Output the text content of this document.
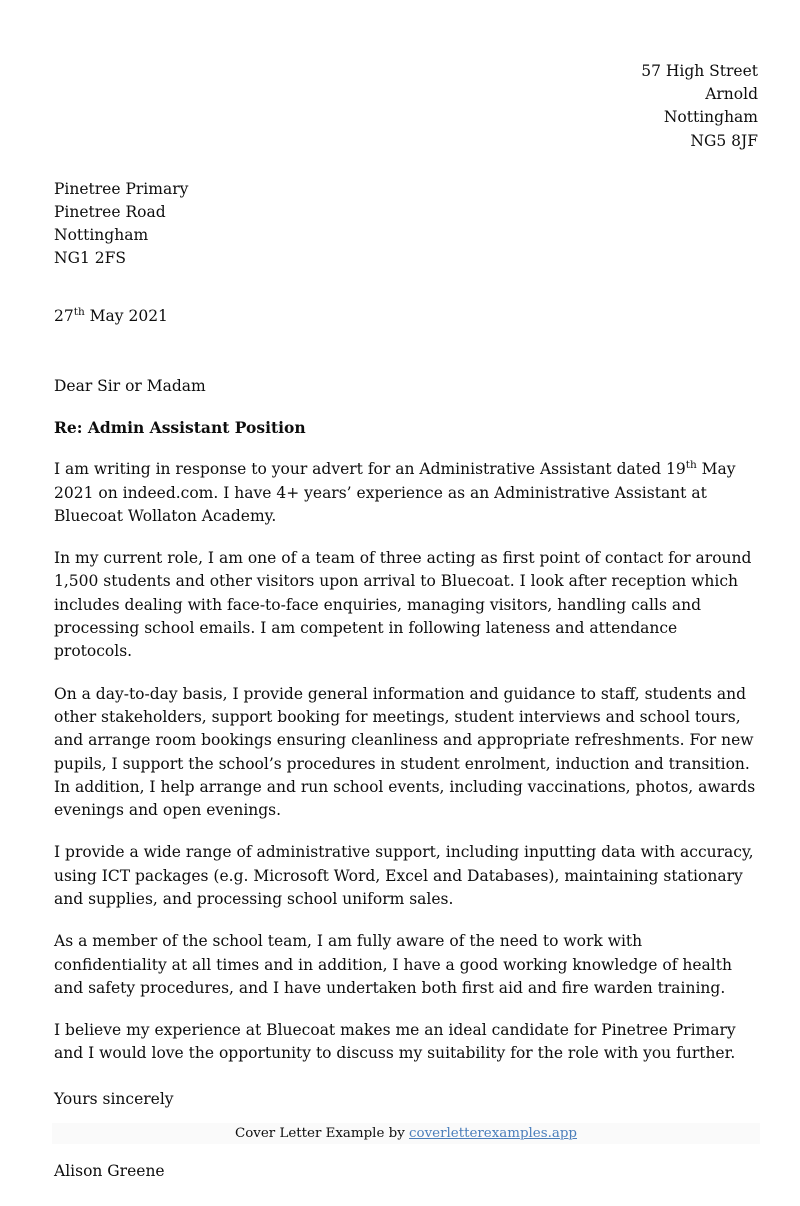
57 High Street
Arnold
Nottingham
NG5 8JF
Pinetree Primary
Pinetree Road
Nottingham
NG1 2FS
27th May 2021
Dear Sir or Madam
Re: Admin Assistant Position

I am writing in response to your advert for an Administrative Assistant dated 19th May 2021 on indeed.com. I have 4+ years’ experience as an Administrative Assistant at Bluecoat Wollaton Academy.

In my current role, I am one of a team of three acting as first point of contact for around 1,500 students and other visitors upon arrival to Bluecoat. I look after reception which includes dealing with face-to-face enquiries, managing visitors, handling calls and processing school emails. I am competent in following lateness and attendance protocols.

On a day-to-day basis, I provide general information and guidance to staff, students and other stakeholders, support booking for meetings, student interviews and school tours, and arrange room bookings ensuring cleanliness and appropriate refreshments. For new pupils, I support the school’s procedures in student enrolment, induction and transition. In addition, I help arrange and run school events, including vaccinations, photos, awards evenings and open evenings.

I provide a wide range of administrative support, including inputting data with accuracy, using ICT packages (e.g. Microsoft Word, Excel and Databases), maintaining stationary and supplies, and processing school uniform sales.

As a member of the school team, I am fully aware of the need to work with confidentiality at all times and in addition, I have a good working knowledge of health and safety procedures, and I have undertaken both first aid and fire warden training.

I believe my experience at Bluecoat makes me an ideal candidate for Pinetree Primary and I would love the opportunity to discuss my suitability for the role with you further.

Yours sincerely
Alison Greene
Cover Letter Example by coverletterexamples.app
